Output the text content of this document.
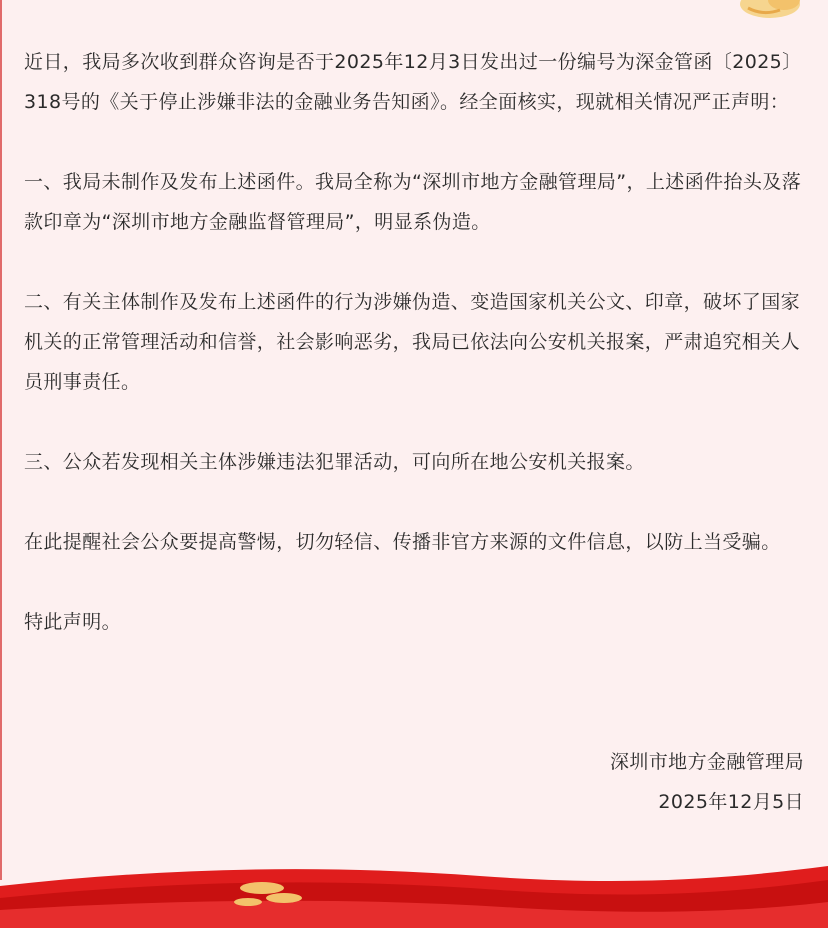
近日，我局多次收到群众咨询是否于2025年12月3日发出过一份编号为深金管函〔2025〕318号的《关于停止涉嫌非法的金融业务告知函》。经全面核实，现就相关情况严正声明：

一、我局未制作及发布上述函件。我局全称为“深圳市地方金融管理局”，上述函件抬头及落款印章为“深圳市地方金融监督管理局”，明显系伪造。

二、有关主体制作及发布上述函件的行为涉嫌伪造、变造国家机关公文、印章，破坏了国家机关的正常管理活动和信誉，社会影响恶劣，我局已依法向公安机关报案，严肃追究相关人员刑事责任。

三、公众若发现相关主体涉嫌违法犯罪活动，可向所在地公安机关报案。

在此提醒社会公众要提高警惕，切勿轻信、传播非官方来源的文件信息，以防上当受骗。

特此声明。

深圳市地方金融管理局
2025年12月5日
